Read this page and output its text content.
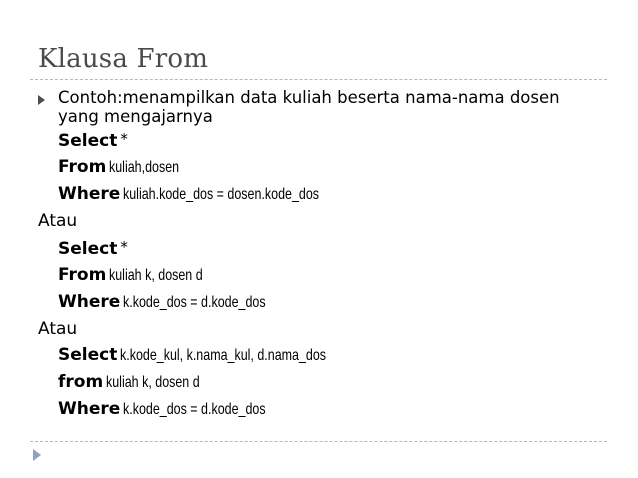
Klausa From
Contoh:menampilkan data kuliah beserta nama-nama dosen yang mengajarnya
Select *
From kuliah,dosen
Where kuliah.kode_dos = dosen.kode_dos
Atau
Select *
From kuliah k, dosen d
Where k.kode_dos = d.kode_dos
Atau
Select k.kode_kul, k.nama_kul, d.nama_dos
from kuliah k, dosen d
Where k.kode_dos = d.kode_dos
